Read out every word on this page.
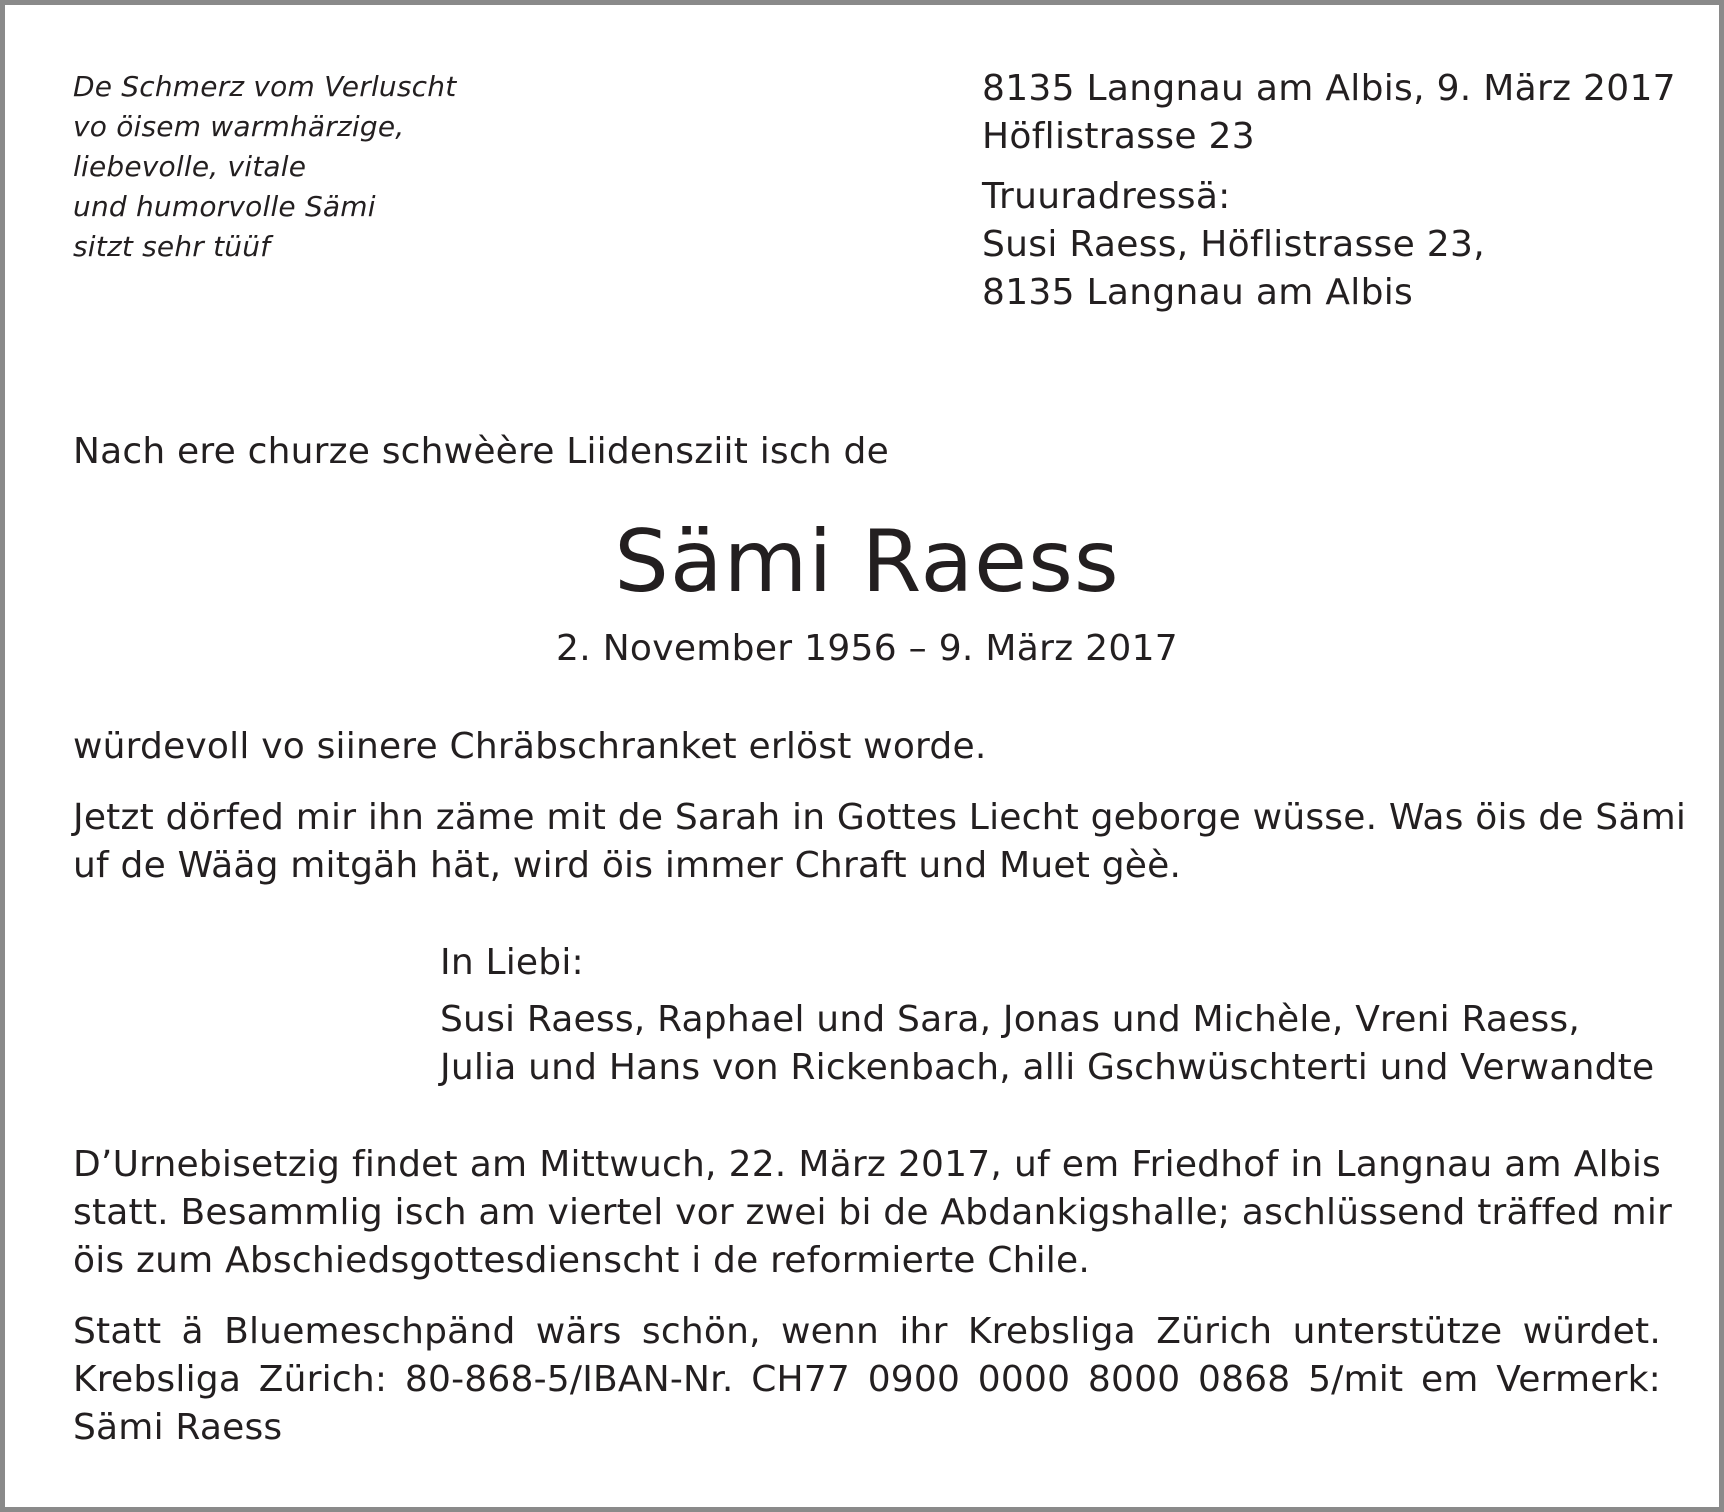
De Schmerz vom Verluscht
vo öisem warmhärzige,
liebevolle, vitale
und humorvolle Sämi
sitzt sehr tüüf
8135 Langnau am Albis, 9. März 2017
Höflistrasse 23
Truuradressä:
Susi Raess, Höflistrasse 23,
8135 Langnau am Albis
Nach ere churze schwèère Liidensziit isch de
Sämi Raess
2. November 1956 – 9. März 2017
würdevoll vo siinere Chräbschranket erlöst worde.
Jetzt dörfed mir ihn zäme mit de Sarah in Gottes Liecht geborge wüsse. Was öis de Sämi
uf de Wääg mitgäh hät, wird öis immer Chraft und Muet gèè.
In Liebi:
Susi Raess, Raphael und Sara, Jonas und Michèle, Vreni Raess,
Julia und Hans von Rickenbach, alli Gschwüschterti und Verwandte
D’Urnebisetzig findet am Mittwuch, 22. März 2017, uf em Friedhof in Langnau am Albis
statt. Besammlig isch am viertel vor zwei bi de Abdankigshalle; aschlüssend träffed mir
öis zum Abschiedsgottesdienscht i de reformierte Chile.
Statt ä Bluemeschpänd wärs schön, wenn ihr Krebsliga Zürich unterstütze würdet.
Krebsliga Zürich: 80-868-5/IBAN-Nr. CH77 0900 0000 8000 0868 5/mit em Vermerk:
Sämi Raess
